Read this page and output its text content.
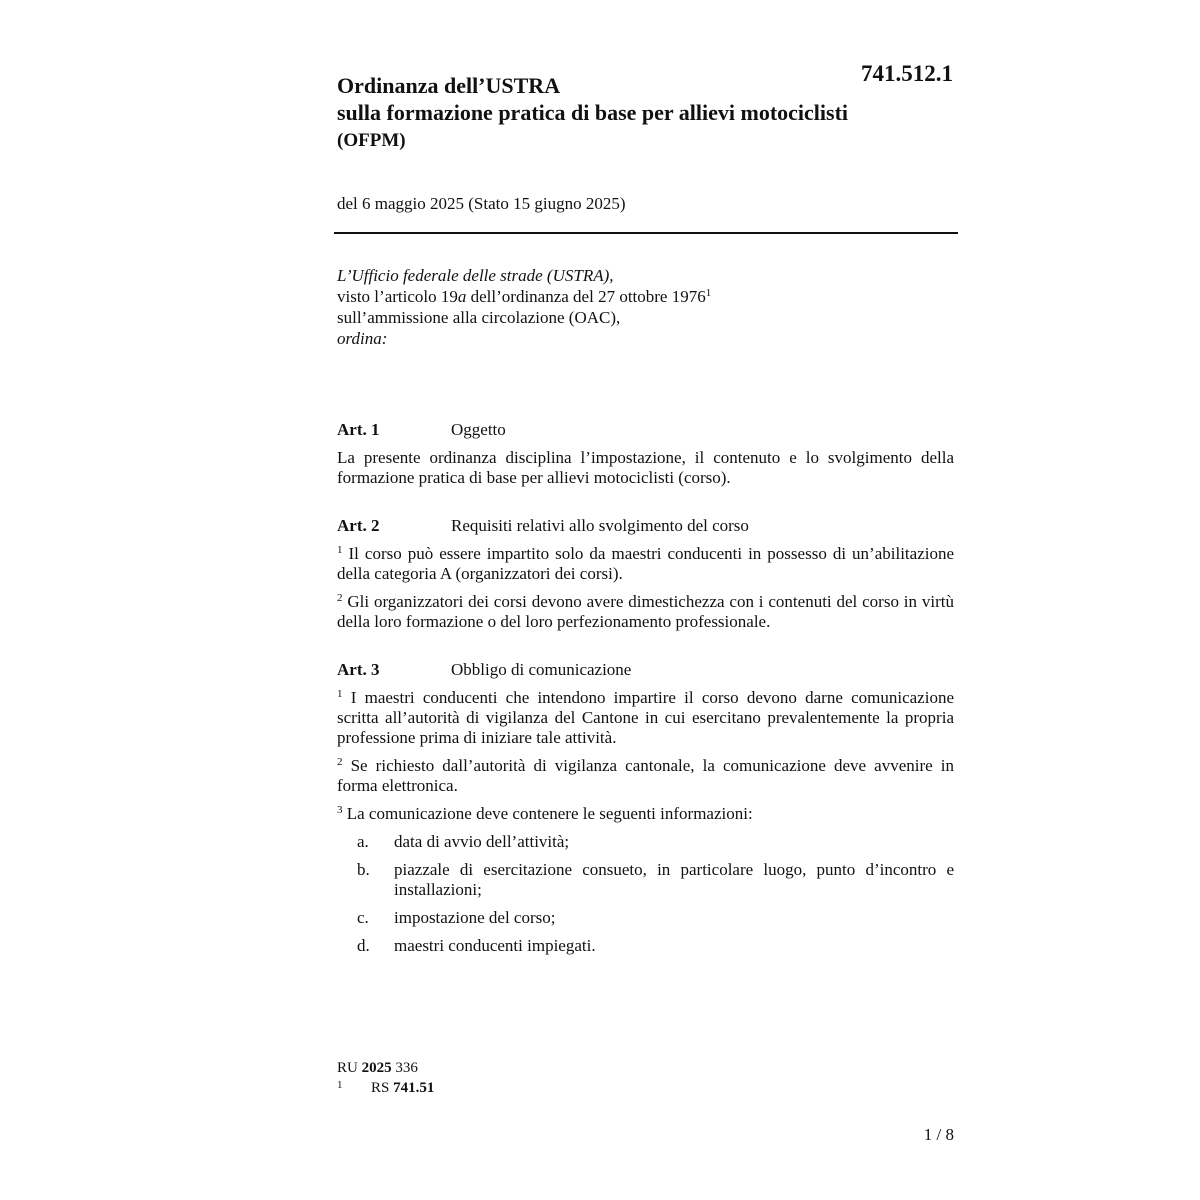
741.512.1
Ordinanza dell’USTRA
sulla formazione pratica di base per allievi motociclisti
(OFPM)
del 6 maggio 2025 (Stato 15 giugno 2025)
L’Ufficio federale delle strade (USTRA),
visto l’articolo 19a dell’ordinanza del 27 ottobre 1976$^1$
sull’ammissione alla circolazione (OAC),
ordina:
Art. 1	Oggetto

La presente ordinanza disciplina l’impostazione, il contenuto e lo svolgimento della formazione pratica di base per allievi motociclisti (corso).

Art. 2	Requisiti relativi allo svolgimento del corso

$^1$ Il corso può essere impartito solo da maestri conducenti in possesso di un’abilitazione della categoria A (organizzatori dei corsi).

$^2$ Gli organizzatori dei corsi devono avere dimestichezza con i contenuti del corso in virtù della loro formazione o del loro perfezionamento professionale.

Art. 3	Obbligo di comunicazione

$^1$ I maestri conducenti che intendono impartire il corso devono darne comunicazione scritta all’autorità di vigilanza del Cantone in cui esercitano prevalentemente la propria professione prima di iniziare tale attività.

$^2$ Se richiesto dall’autorità di vigilanza cantonale, la comunicazione deve avvenire in forma elettronica.

$^3$ La comunicazione deve contenere le seguenti informazioni:

a.	data di avvio dell’attività;
b.	piazzale di esercitazione consueto, in particolare luogo, punto d’incontro e installazioni;
c.	impostazione del corso;
d.	maestri conducenti impiegati.
RU 2025 336
1	RS 741.51
1 / 8
